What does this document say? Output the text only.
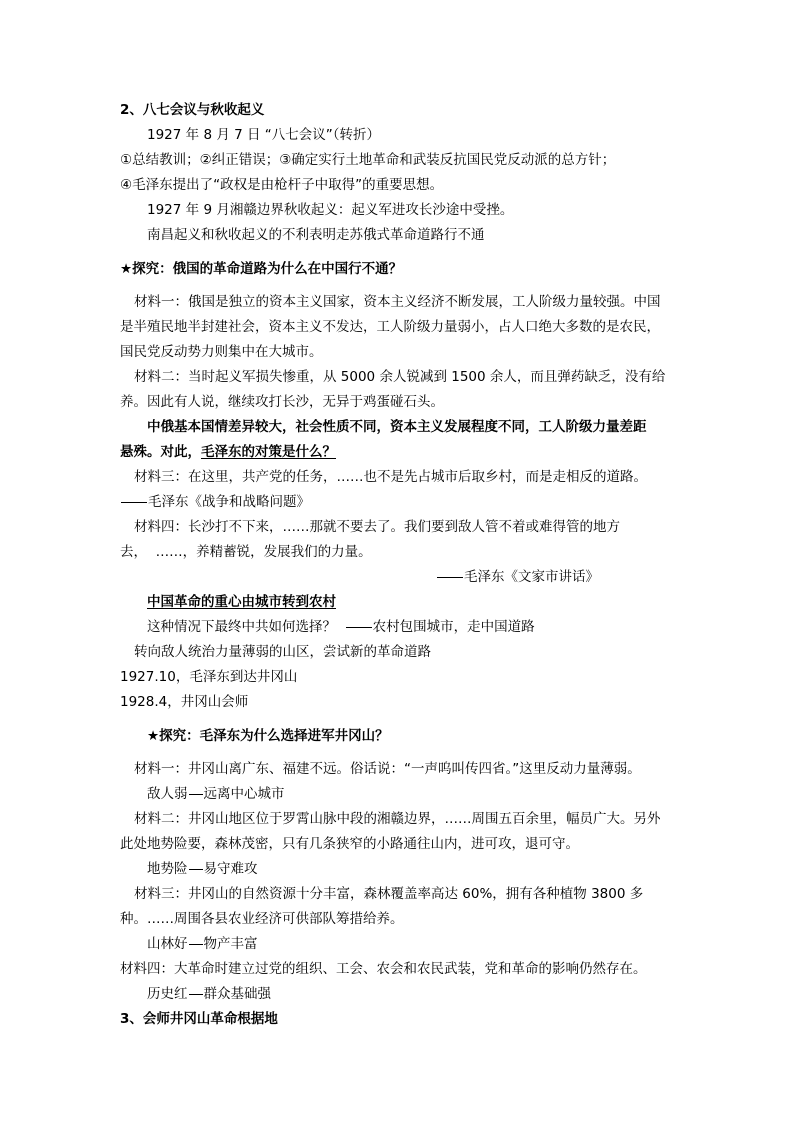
2、八七会议与秋收起义
1927 年 8 月 7 日 “八七会议”（转折）
①总结教训；②纠正错误；③确定实行土地革命和武装反抗国民党反动派的总方针；
④毛泽东提出了“政权是由枪杆子中取得”的重要思想。
1927 年 9 月湘赣边界秋收起义：起义军进攻长沙途中受挫。
南昌起义和秋收起义的不利表明走苏俄式革命道路行不通
★探究：俄国的革命道路为什么在中国行不通？
材料一：俄国是独立的资本主义国家，资本主义经济不断发展，工人阶级力量较强。中国
是半殖民地半封建社会，资本主义不发达，工人阶级力量弱小，占人口绝大多数的是农民，
国民党反动势力则集中在大城市。
材料二：当时起义军损失惨重，从 5000 余人锐减到 1500 余人，而且弹药缺乏，没有给
养。因此有人说，继续攻打长沙，无异于鸡蛋碰石头。
中俄基本国情差异较大，社会性质不同，资本主义发展程度不同，工人阶级力量差距
悬殊。对此，毛泽东的对策是什么？
材料三：在这里，共产党的任务，……也不是先占城市后取乡村，而是走相反的道路。
毛泽东《战争和战略问题》
材料四：长沙打不下来，……那就不要去了。我们要到敌人管不着或难得管的地方
去，  ……，养精蓄锐，发展我们的力量。
毛泽东《文家市讲话》
中国革命的重心由城市转到农村
这种情况下最终中共如何选择？	农村包围城市，走中国道路
转向敌人统治力量薄弱的山区，尝试新的革命道路
1927.10，毛泽东到达井冈山
1928.4，井冈山会师
★探究：毛泽东为什么选择进军井冈山？
材料一：井冈山离广东、福建不远。俗话说：“一声呜叫传四省。”这里反动力量薄弱。
敌人弱 远离中心城市
材料二：井冈山地区位于罗霄山脉中段的湘赣边界，……周围五百余里，幅员广大。另外
此处地势险要，森林茂密，只有几条狭窄的小路通往山内，进可攻，退可守。
地势险 易守难攻
材料三：井冈山的自然资源十分丰富，森林覆盖率高达 60%，拥有各种植物 3800 多
种。……周围各县农业经济可供部队筹措给养。
山林好 物产丰富
材料四：大革命时建立过党的组织、工会、农会和农民武装，党和革命的影响仍然存在。
历史红 群众基础强
3、会师井冈山革命根据地
